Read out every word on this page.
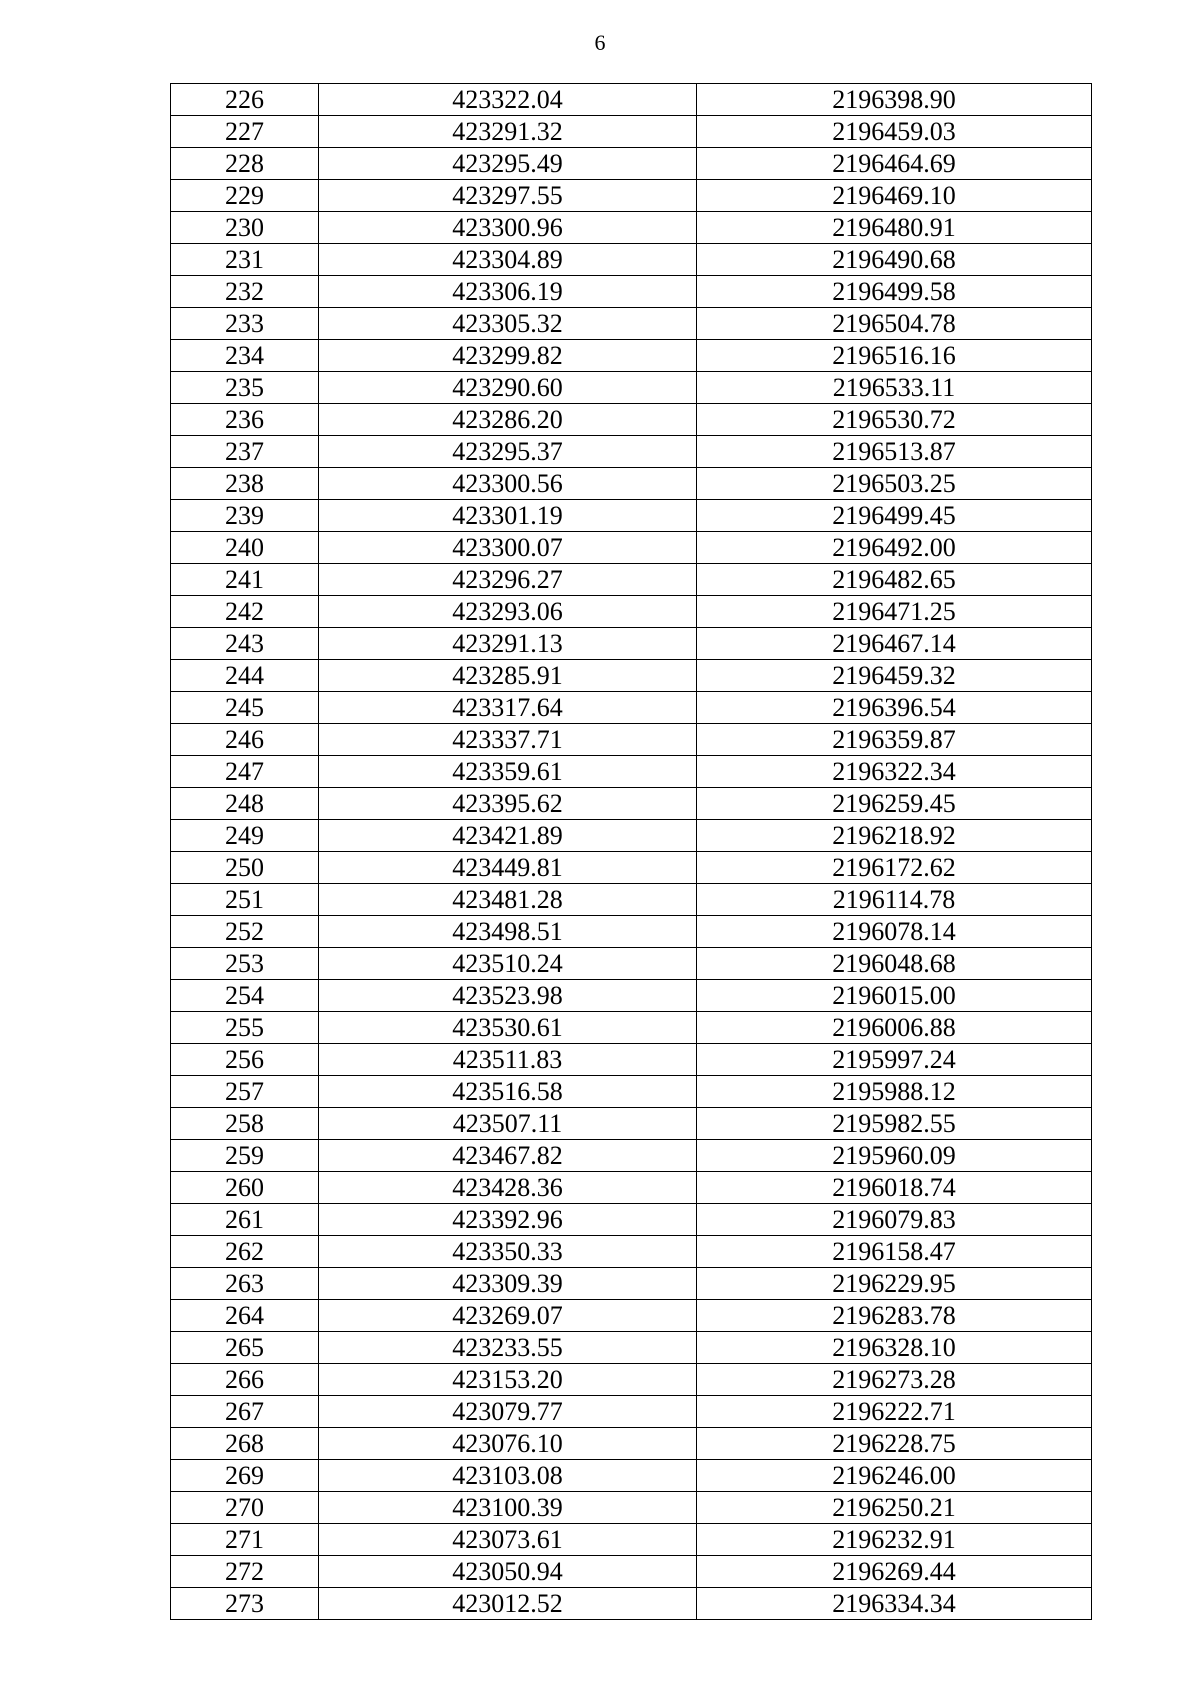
6
226	423322.04	2196398.90
227	423291.32	2196459.03
228	423295.49	2196464.69
229	423297.55	2196469.10
230	423300.96	2196480.91
231	423304.89	2196490.68
232	423306.19	2196499.58
233	423305.32	2196504.78
234	423299.82	2196516.16
235	423290.60	2196533.11
236	423286.20	2196530.72
237	423295.37	2196513.87
238	423300.56	2196503.25
239	423301.19	2196499.45
240	423300.07	2196492.00
241	423296.27	2196482.65
242	423293.06	2196471.25
243	423291.13	2196467.14
244	423285.91	2196459.32
245	423317.64	2196396.54
246	423337.71	2196359.87
247	423359.61	2196322.34
248	423395.62	2196259.45
249	423421.89	2196218.92
250	423449.81	2196172.62
251	423481.28	2196114.78
252	423498.51	2196078.14
253	423510.24	2196048.68
254	423523.98	2196015.00
255	423530.61	2196006.88
256	423511.83	2195997.24
257	423516.58	2195988.12
258	423507.11	2195982.55
259	423467.82	2195960.09
260	423428.36	2196018.74
261	423392.96	2196079.83
262	423350.33	2196158.47
263	423309.39	2196229.95
264	423269.07	2196283.78
265	423233.55	2196328.10
266	423153.20	2196273.28
267	423079.77	2196222.71
268	423076.10	2196228.75
269	423103.08	2196246.00
270	423100.39	2196250.21
271	423073.61	2196232.91
272	423050.94	2196269.44
273	423012.52	2196334.34
